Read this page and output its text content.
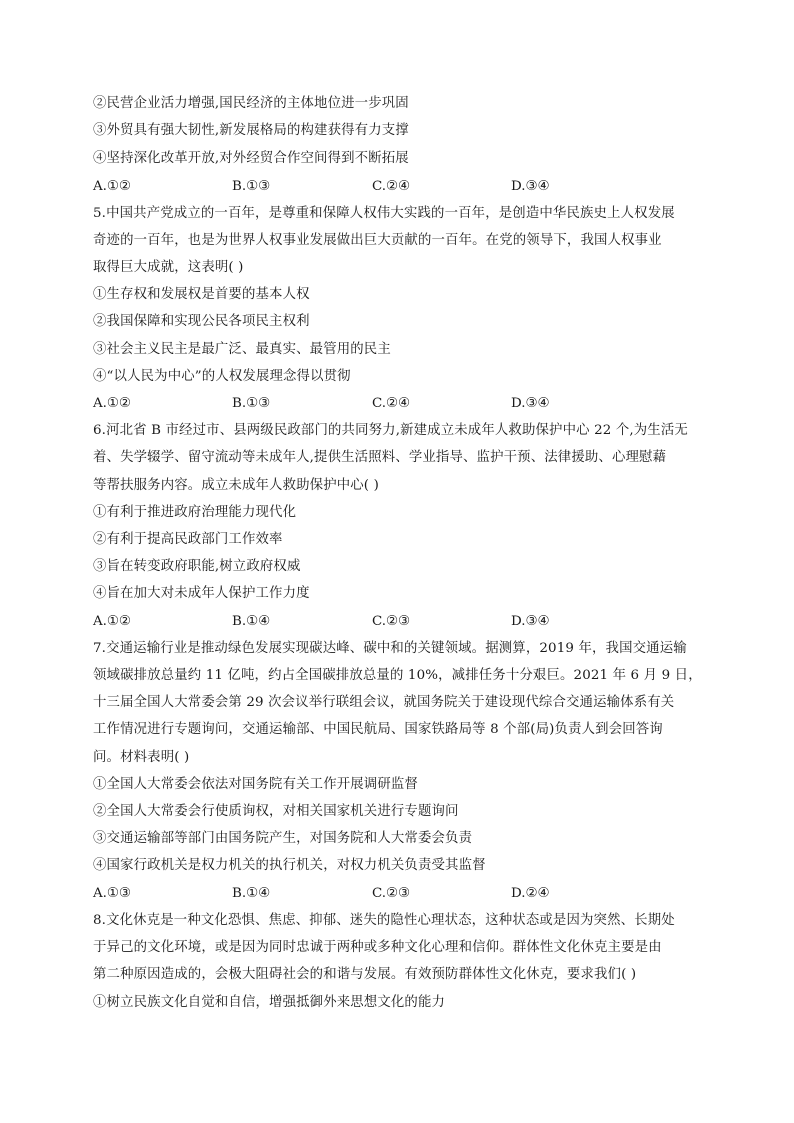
②民营企业活力增强,国民经济的主体地位进一步巩固
③外贸具有强大韧性,新发展格局的构建获得有力支撑
④坚持深化改革开放,对外经贸合作空间得到不断拓展
A.①②	B.①③	C.②④	D.③④
5.中国共产党成立的一百年，是尊重和保障人权伟大实践的一百年，是创造中华民族史上人权发展
奇迹的一百年，也是为世界人权事业发展做出巨大贡献的一百年。在党的领导下，我国人权事业
取得巨大成就，这表明( )
①生存权和发展权是首要的基本人权
②我国保障和实现公民各项民主权利
③社会主义民主是最广泛、最真实、最管用的民主
④“以人民为中心”的人权发展理念得以贯彻
A.①②	B.①③	C.②④	D.③④
6.河北省 B 市经过市、县两级民政部门的共同努力,新建成立未成年人救助保护中心 22 个,为生活无
着、失学辍学、留守流动等未成年人,提供生活照料、学业指导、监护干预、法律援助、心理慰藉
等帮扶服务内容。成立未成年人救助保护中心( )
①有利于推进政府治理能力现代化
②有利于提高民政部门工作效率
③旨在转变政府职能,树立政府权威
④旨在加大对未成年人保护工作力度
A.①②	B.①④	C.②③	D.③④
7.交通运输行业是推动绿色发展实现碳达峰、碳中和的关键领域。据测算，2019 年，我国交通运输
领域碳排放总量约 11 亿吨，约占全国碳排放总量的 10%，减排任务十分艰巨。2021 年 6 月 9 日，
十三届全国人大常委会第 29 次会议举行联组会议，就国务院关于建设现代综合交通运输体系有关
工作情况进行专题询问，交通运输部、中国民航局、国家铁路局等 8 个部(局)负责人到会回答询
问。材料表明( )
①全国人大常委会依法对国务院有关工作开展调研监督
②全国人大常委会行使质询权，对相关国家机关进行专题询问
③交通运输部等部门由国务院产生，对国务院和人大常委会负责
④国家行政机关是权力机关的执行机关，对权力机关负责受其监督
A.①③	B.①④	C.②③	D.②④
8.文化休克是一种文化恐惧、焦虑、抑郁、迷失的隐性心理状态，这种状态或是因为突然、长期处
于异己的文化环境，或是因为同时忠诚于两种或多种文化心理和信仰。群体性文化休克主要是由
第二种原因造成的，会极大阻碍社会的和谐与发展。有效预防群体性文化休克，要求我们( )
①树立民族文化自觉和自信，增强抵御外来思想文化的能力
